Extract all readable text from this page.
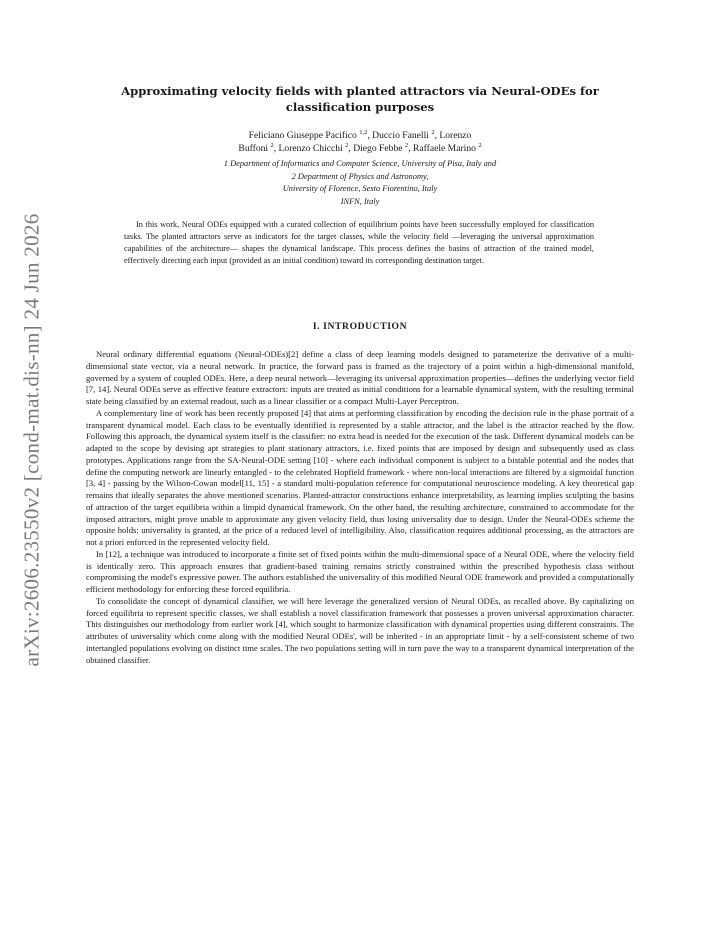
arXiv:2606.23550v2 [cond-mat.dis-nn] 24 Jun 2026
Approximating velocity fields with planted attractors via Neural-ODEs for classification purposes
Feliciano Giuseppe Pacifico $^{1,2}$, Duccio Fanelli $^2$, Lorenzo
Buffoni $^2$, Lorenzo Chicchi $^2$, Diego Febbe $^2$, Raffaele Marino $^2$
1 Department of Informatics and Computer Science, University of Pisa, Italy and
2 Department of Physics and Astronomy,
University of Florence, Sesto Fiorentino, Italy
INFN, Italy

In this work, Neural ODEs equipped with a curated collection of equilibrium points have been successfully employed for classification tasks. The planted attractors serve as indicators for the target classes, while the velocity field —leveraging the universal approximation capabilities of the architecture— shapes the dynamical landscape. This process defines the basins of attraction of the trained model, effectively directing each input (provided as an initial condition) toward its corresponding destination target.

I. INTRODUCTION

Neural ordinary differential equations (Neural-ODEs)[2] define a class of deep learning models designed to parameterize the derivative of a multi-dimensional state vector, via a neural network. In practice, the forward pass is framed as the trajectory of a point within a high-dimensional manifold, governed by a system of coupled ODEs. Here, a deep neural network—leveraging its universal approximation properties—defines the underlying vector field [7, 14]. Neural ODEs serve as effective feature extractors: inputs are treated as initial conditions for a learnable dynamical system, with the resulting terminal state being classified by an external readout, such as a linear classifier or a compact Multi-Layer Perceptron.

A complementary line of work has been recently proposed [4] that aims at performing classification by encoding the decision rule in the phase portrait of a transparent dynamical model. Each class to be eventually identified is represented by a stable attractor, and the label is the attractor reached by the flow. Following this approach, the dynamical system itself is the classifier: no extra head is needed for the execution of the task. Different dynamical models can be adapted to the scope by devising apt strategies to plant stationary attractors, i.e. fixed points that are imposed by design and subsequently used as class prototypes. Applications range from the SA-Neural-ODE setting [10] - where each individual component is subject to a bistable potential and the nodes that define the computing network are linearly entangled - to the celebrated Hopfield framework - where non-local interactions are filtered by a sigmoidal function [3, 4] - passing by the Wilson-Cowan model[11, 15] - a standard multi-population reference for computational neuroscience modeling. A key theoretical gap remains that ideally separates the above mentioned scenarios. Planted-attractor constructions enhance interpretability, as learning implies sculpting the basins of attraction of the target equilibria within a limpid dynamical framework. On the other hand, the resulting architecture, constrained to accommodate for the imposed attractors, might prove unable to approximate any given velocity field, thus losing universality due to design. Under the Neural-ODEs scheme the opposite holds: universality is granted, at the price of a reduced level of intelligibility. Also, classification requires additional processing, as the attractors are not a priori enforced in the represented velocity field.

In [12], a technique was introduced to incorporate a finite set of fixed points within the multi-dimensional space of a Neural ODE, where the velocity field is identically zero. This approach ensures that gradient-based training remains strictly constrained within the prescribed hypothesis class without compromising the model's expressive power. The authors established the universality of this modified Neural ODE framework and provided a computationally efficient methodology for enforcing these forced equilibria.

To consolidate the concept of dynamical classifier, we will here leverage the generalized version of Neural ODEs, as recalled above. By capitalizing on forced equilibria to represent specific classes, we shall establish a novel classification framework that possesses a proven universal approximation character. This distinguishes our methodology from earlier work [4], which sought to harmonize classification with dynamical properties using different constraints. The attributes of universality which come along with the modified Neural ODEs', will be inherited - in an appropriate limit - by a self-consistent scheme of two intertangled populations evolving on distinct time scales. The two populations setting will in turn pave the way to a transparent dynamical interpretation of the obtained classifier.
